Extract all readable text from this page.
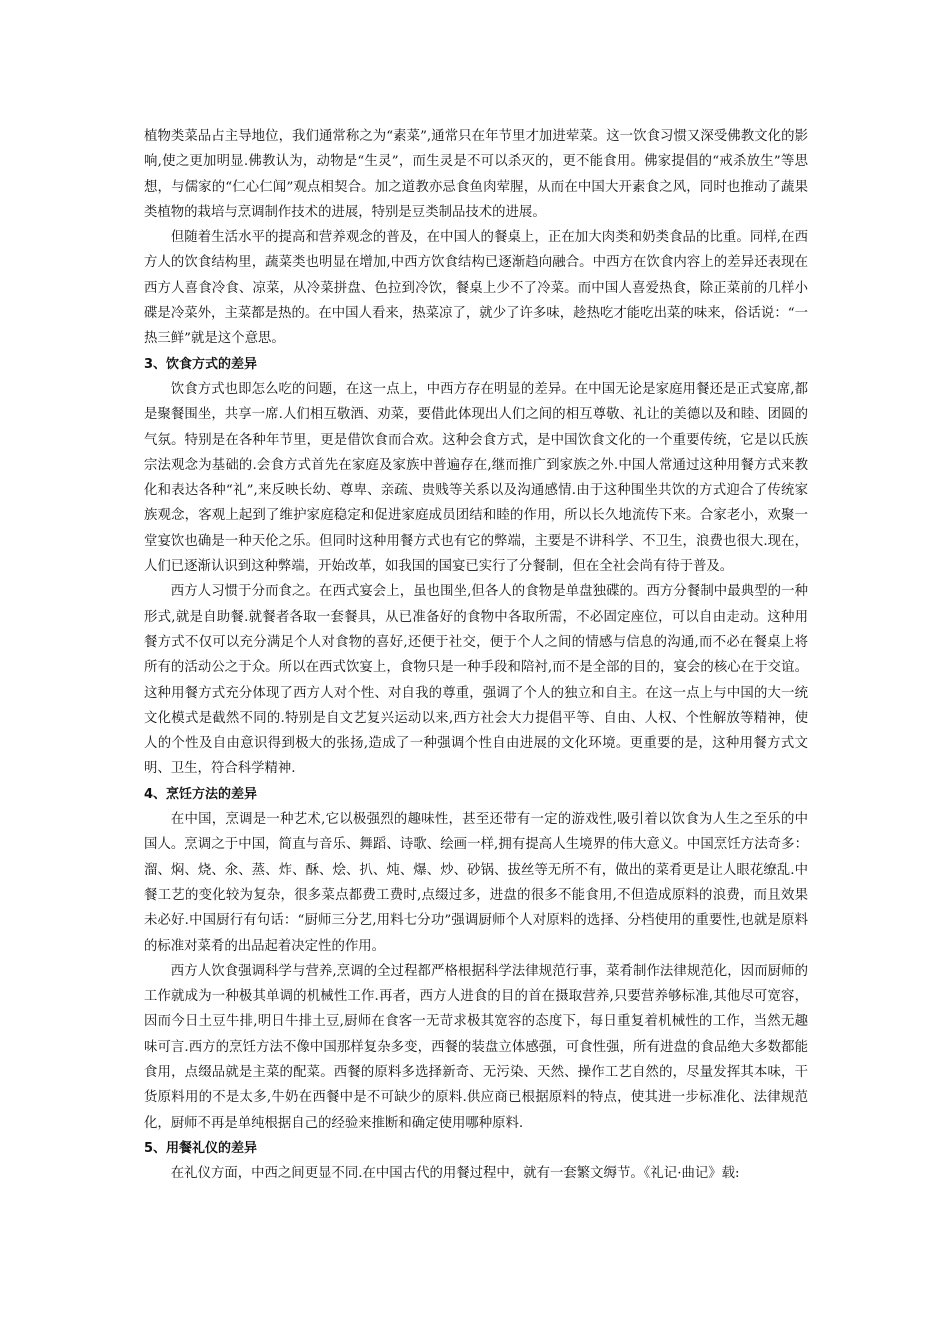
植物类菜品占主导地位，我们通常称之为“素菜”,通常只在年节里才加进荤菜。这一饮食习惯又深受佛教文化的影响,使之更加明显.佛教认为，动物是“生灵”，而生灵是不可以杀灭的，更不能食用。佛家提倡的“戒杀放生”等思想，与儒家的“仁心仁闻”观点相契合。加之道教亦忌食鱼肉荤腥，从而在中国大开素食之风，同时也推动了蔬果类植物的栽培与烹调制作技术的进展，特别是豆类制品技术的进展。

但随着生活水平的提高和营养观念的普及，在中国人的餐桌上，正在加大肉类和奶类食品的比重。同样,在西方人的饮食结构里，蔬菜类也明显在增加,中西方饮食结构已逐渐趋向融合。中西方在饮食内容上的差异还表现在西方人喜食冷食、凉菜，从冷菜拼盘、色拉到冷饮，餐桌上少不了冷菜。而中国人喜爱热食，除正菜前的几样小碟是冷菜外，主菜都是热的。在中国人看来，热菜凉了，就少了许多味，趁热吃才能吃出菜的味来，俗话说：“一热三鲜”就是这个意思。

3、饮食方式的差异

饮食方式也即怎么吃的问题，在这一点上，中西方存在明显的差异。在中国无论是家庭用餐还是正式宴席,都是聚餐围坐，共享一席.人们相互敬酒、劝菜，要借此体现出人们之间的相互尊敬、礼让的美德以及和睦、团圆的气氛。特别是在各种年节里，更是借饮食而合欢。这种会食方式，是中国饮食文化的一个重要传统，它是以氏族宗法观念为基础的.会食方式首先在家庭及家族中普遍存在,继而推广到家族之外.中国人常通过这种用餐方式来教化和表达各种“礼”,来反映长幼、尊卑、亲疏、贵贱等关系以及沟通感情.由于这种围坐共饮的方式迎合了传统家族观念，客观上起到了维护家庭稳定和促进家庭成员团结和睦的作用，所以长久地流传下来。合家老小，欢聚一堂宴饮也确是一种天伦之乐。但同时这种用餐方式也有它的弊端，主要是不讲科学、不卫生，浪费也很大.现在，人们已逐渐认识到这种弊端，开始改革，如我国的国宴已实行了分餐制，但在全社会尚有待于普及。

西方人习惯于分而食之。在西式宴会上，虽也围坐,但各人的食物是单盘独碟的。西方分餐制中最典型的一种形式,就是自助餐.就餐者各取一套餐具，从已准备好的食物中各取所需，不必固定座位，可以自由走动。这种用餐方式不仅可以充分满足个人对食物的喜好,还便于社交，便于个人之间的情感与信息的沟通,而不必在餐桌上将所有的活动公之于众。所以在西式饮宴上，食物只是一种手段和陪衬,而不是全部的目的，宴会的核心在于交谊。这种用餐方式充分体现了西方人对个性、对自我的尊重，强调了个人的独立和自主。在这一点上与中国的大一统文化模式是截然不同的.特别是自文艺复兴运动以来,西方社会大力提倡平等、自由、人权、个性解放等精神，使人的个性及自由意识得到极大的张扬,造成了一种强调个性自由进展的文化环境。更重要的是，这种用餐方式文明、卫生，符合科学精神.

4、烹饪方法的差异

在中国，烹调是一种艺术,它以极强烈的趣味性，甚至还带有一定的游戏性,吸引着以饮食为人生之至乐的中国人。烹调之于中国，简直与音乐、舞蹈、诗歌、绘画一样,拥有提高人生境界的伟大意义。中国烹饪方法奇多：溜、焖、烧、氽、蒸、炸、酥、烩、扒、炖、爆、炒、砂锅、拔丝等无所不有，做出的菜肴更是让人眼花缭乱.中餐工艺的变化较为复杂，很多菜点都费工费时,点缀过多，进盘的很多不能食用,不但造成原料的浪费，而且效果未必好.中国厨行有句话：“厨师三分艺,用料七分功”强调厨师个人对原料的选择、分档使用的重要性,也就是原料的标准对菜肴的出品起着决定性的作用。

西方人饮食强调科学与营养,烹调的全过程都严格根据科学法律规范行事，菜肴制作法律规范化，因而厨师的工作就成为一种极其单调的机械性工作.再者，西方人进食的目的首在摄取营养,只要营养够标准,其他尽可宽容，因而今日土豆牛排,明日牛排土豆,厨师在食客一无苛求极其宽容的态度下，每日重复着机械性的工作，当然无趣味可言.西方的烹饪方法不像中国那样复杂多变，西餐的装盘立体感强，可食性强，所有进盘的食品绝大多数都能食用，点缀品就是主菜的配菜。西餐的原料多选择新奇、无污染、天然、操作工艺自然的，尽量发挥其本味，干货原料用的不是太多,牛奶在西餐中是不可缺少的原料.供应商已根据原料的特点，使其进一步标准化、法律规范化，厨师不再是单纯根据自己的经验来推断和确定使用哪种原料.

5、用餐礼仪的差异

在礼仪方面，中西之间更显不同.在中国古代的用餐过程中，就有一套繁文缛节。《礼记·曲记》载:
